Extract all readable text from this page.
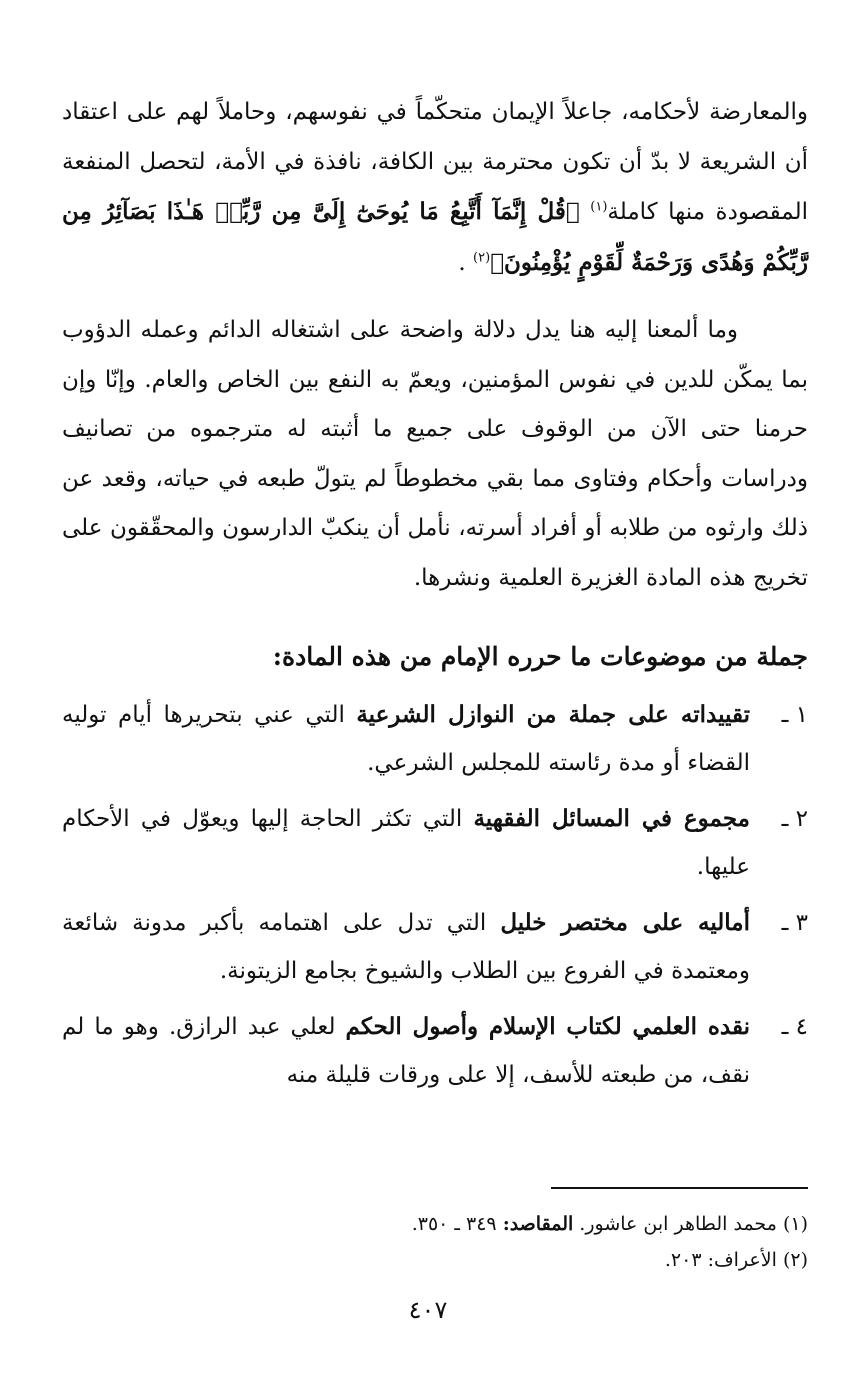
والمعارضة لأحكامه، جاعلاً الإيمان متحكّماً في نفوسهم، وحاملاً لهم على اعتقاد أن الشريعة لا بدّ أن تكون محترمة بين الكافة، نافذة في الأمة، لتحصل المنفعة المقصودة منها كاملة$^{(١)}$ ﴿قُلْ إِنَّمَآ أَتَّبِعُ مَا يُوحَىٰٓ إِلَىَّ مِن رَّبِّىۚ هَـٰذَا بَصَآئِرُ مِن رَّبِّكُمْ وَهُدًى وَرَحْمَةٌ لِّقَوْمٍ يُؤْمِنُونَ﴾$^{(٢)}$ .

وما ألمعنا إليه هنا يدل دلالة واضحة على اشتغاله الدائم وعمله الدؤوب بما يمكّن للدين في نفوس المؤمنين، ويعمّ به النفع بين الخاص والعام. وإنّا وإن حرمنا حتى الآن من الوقوف على جميع ما أثبته له مترجموه من تصانيف ودراسات وأحكام وفتاوى مما بقي مخطوطاً لم يتولّ طبعه في حياته، وقعد عن ذلك وارثوه من طلابه أو أفراد أسرته، نأمل أن ينكبّ الدارسون والمحقّقون على تخريج هذه المادة الغزيرة العلمية ونشرها.

جملة من موضوعات ما حرره الإمام من هذه المادة:
١ ـ
تقييداته على جملة من النوازل الشرعية التي عني بتحريرها أيام توليه القضاء أو مدة رئاسته للمجلس الشرعي.
٢ ـ
مجموع في المسائل الفقهية التي تكثر الحاجة إليها ويعوّل في الأحكام عليها.
٣ ـ
أماليه على مختصر خليل التي تدل على اهتمامه بأكبر مدونة شائعة ومعتمدة في الفروع بين الطلاب والشيوخ بجامع الزيتونة.
٤ ـ
نقده العلمي لكتاب الإسلام وأصول الحكم لعلي عبد الرازق. وهو ما لم نقف، من طبعته للأسف، إلا على ورقات قليلة منه

(١) محمد الطاهر ابن عاشور. المقاصد: ٣٤٩ ـ ٣٥٠.

(٢) الأعراف: ٢٠٣.

٤٠٧
